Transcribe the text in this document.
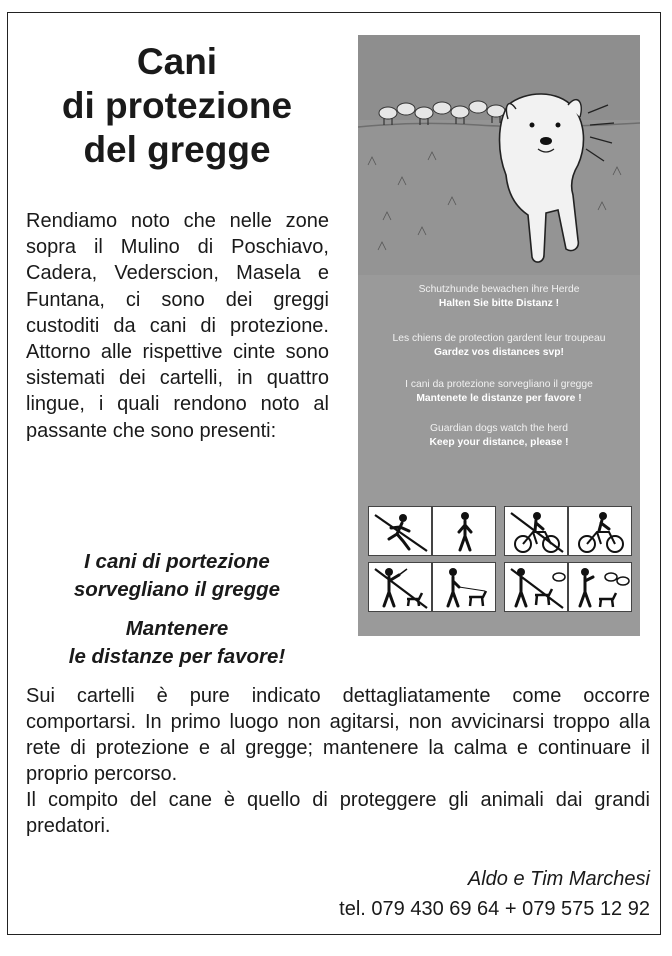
Cani
di protezione
del gregge

Rendiamo noto che nelle zone sopra il Mulino di Poschiavo, Cadera, Vederscion, Masela e Funtana, ci sono dei greggi custoditi da cani di protezione. Attorno alle rispettive cinte sono sistemati dei cartelli, in quattro lingue, i quali rendono noto al passante che sono presenti:

I cani di portezione
sorvegliano il gregge
Mantenere
le distanze per favore!
Schutzhunde bewachen ihre Herde
Halten Sie bitte Distanz !
Les chiens de protection gardent leur troupeau
Gardez vos distances svp!
I cani da protezione sorvegliano il gregge
Mantenete le distanze per favore !
Guardian dogs watch the herd
Keep your distance, please !

Sui cartelli è pure indicato dettagliatamente come occorre comportarsi. In primo luogo non agitarsi, non avvicinarsi troppo alla rete di protezione e al gregge; mantenere la calma e continuare il proprio percorso.
Il compito del cane è quello di proteggere gli animali dai grandi predatori.

Aldo e Tim Marchesi
tel. 079 430 69 64 + 079 575 12 92
